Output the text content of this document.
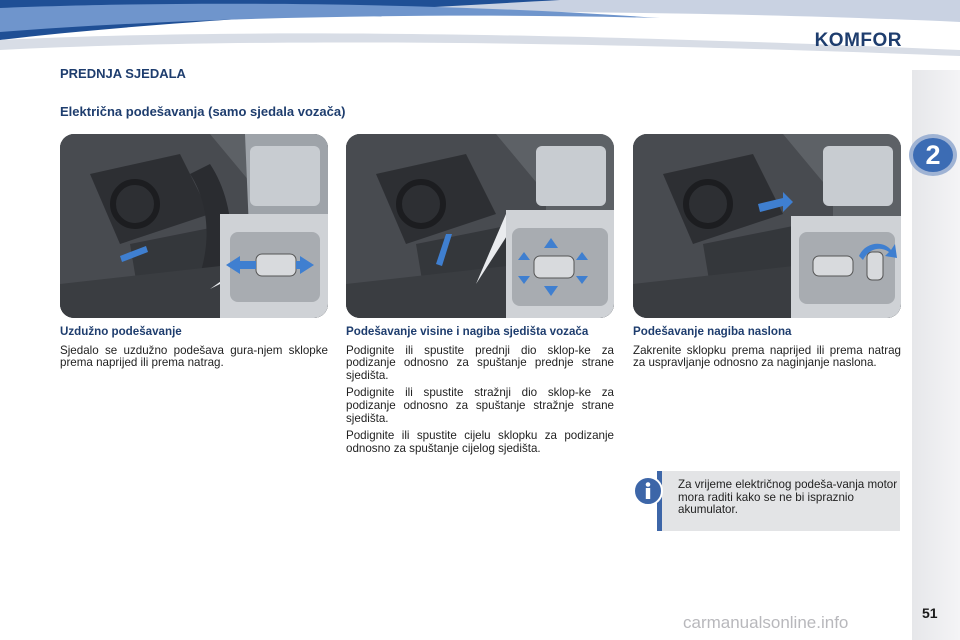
KOMFOR
2
PREDNJA SJEDALA
Električna podešavanja (samo sjedala vozača)
Uzdužno podešavanje

Sjedalo se uzdužno podešava gura-njem sklopke prema naprijed ili prema natrag.

Podešavanje visine i nagiba sjedišta vozača

Podignite ili spustite prednji dio sklop-ke za podizanje odnosno za spuštanje prednje strane sjedišta.

Podignite ili spustite stražnji dio sklop-ke za podizanje odnosno za spuštanje stražnje strane sjedišta.

Podignite ili spustite cijelu sklopku za podizanje odnosno za spuštanje cijelog sjedišta.

Podešavanje nagiba naslona

Zakrenite sklopku prema naprijed ili prema natrag za uspravljanje odnosno za naginjanje naslona.

Za vrijeme električnog podeša-vanja motor mora raditi kako se ne bi ispraznio akumulator.
51
carmanualsonline.info
